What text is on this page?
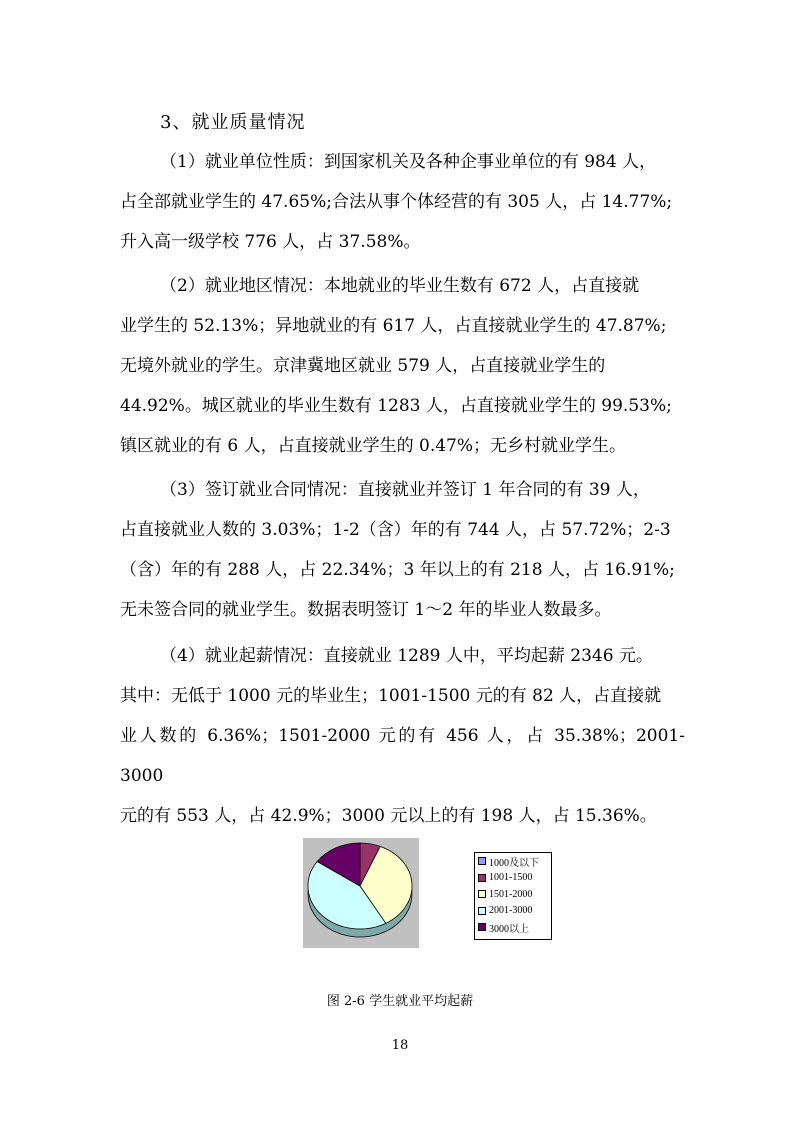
3、就业质量情况

（1）就业单位性质：到国家机关及各种企事业单位的有 984 人，

占全部就业学生的 47.65%;合法从事个体经营的有 305 人，占 14.77%;

升入高一级学校 776 人，占 37.58%。

（2）就业地区情况：本地就业的毕业生数有 672 人，占直接就

业学生的 52.13%；异地就业的有 617 人，占直接就业学生的 47.87%;

无境外就业的学生。京津冀地区就业 579 人，占直接就业学生的

44.92%。城区就业的毕业生数有 1283 人，占直接就业学生的 99.53%;

镇区就业的有 6 人，占直接就业学生的 0.47%；无乡村就业学生。

（3）签订就业合同情况：直接就业并签订 1 年合同的有 39 人，

占直接就业人数的 3.03%；1-2（含）年的有 744 人，占 57.72%；2-3

（含）年的有 288 人，占 22.34%；3 年以上的有 218 人，占 16.91%;

无未签合同的就业学生。数据表明签订 1～2 年的毕业人数最多。

（4）就业起薪情况：直接就业 1289 人中，平均起薪 2346 元。

其中：无低于 1000 元的毕业生；1001-1500 元的有 82 人，占直接就

业人数的 6.36%；1501-2000 元的有 456 人，占 35.38%；2001-3000

元的有 553 人，占 42.9%；3000 元以上的有 198 人，占 15.36%。

1000及以下
1001-1500
1501-2000
2001-3000
3000以上
图 2-6 学生就业平均起薪
18
